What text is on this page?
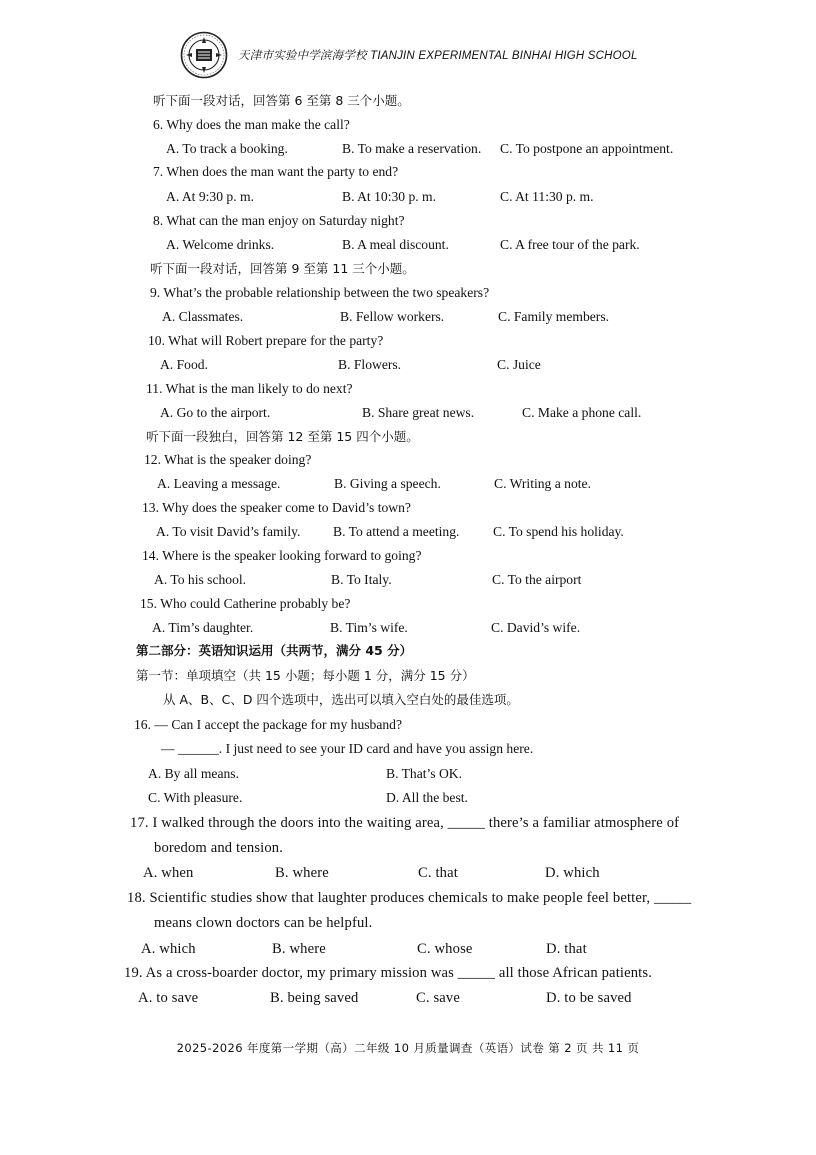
天津市实验中学滨海学校 TIANJIN EXPERIMENTAL BINHAI HIGH SCHOOL
听下面一段对话，回答第 6 至第 8 三个小题。
6. Why does the man make the call?
A. To track a booking.	B. To make a reservation. C. To postpone an appointment.
7. When does the man want the party to end?
A. At 9:30 p. m.	B. At 10:30 p. m.	C. At 11:30 p. m.
8. What can the man enjoy on Saturday night?
A. Welcome drinks.	B. A meal discount.	C. A free tour of the park.
听下面一段对话，回答第 9 至第 11 三个小题。
9. What’s the probable relationship between the two speakers?
A. Classmates.	B. Fellow workers.	C. Family members.
10. What will Robert prepare for the party?
A. Food.	B. Flowers.	C. Juice
11. What is the man likely to do next?
A. Go to the airport.	B. Share great news.	C. Make a phone call.
听下面一段独白，回答第 12 至第 15 四个小题。
12. What is the speaker doing?
A. Leaving a message.	B. Giving a speech.	C. Writing a note.
13. Why does the speaker come to David’s town?
A. To visit David’s family. B. To attend a meeting. C. To spend his holiday.
14. Where is the speaker looking forward to going?
A. To his school.	B. To Italy.	C. To the airport
15. Who could Catherine probably be?
A. Tim’s daughter.	B. Tim’s wife.	C. David’s wife.
第二部分：英语知识运用（共两节，满分 45 分）
第一节：单项填空（共 15 小题；每小题 1 分，满分 15 分）
从 A、B、C、D 四个选项中，选出可以填入空白处的最佳选项。
16. — Can I accept the package for my husband?
— ______. I just need to see your ID card and have you assign here.
A. By all means.	B. That’s OK.
C. With pleasure.	D. All the best.
17. I walked through the doors into the waiting area, _____ there’s a familiar atmosphere of
boredom and tension.
A. when	B. where	C. that	D. which
18. Scientific studies show that laughter produces chemicals to make people feel better, _____
means clown doctors can be helpful.
A. which	B. where	C. whose	D. that
19. As a cross-boarder doctor, my primary mission was _____ all those African patients.
A. to save	B. being saved	C. save	D. to be saved
2025-2026 年度第一学期（高）二年级 10 月质量调查（英语）试卷 第 2 页 共 11 页
